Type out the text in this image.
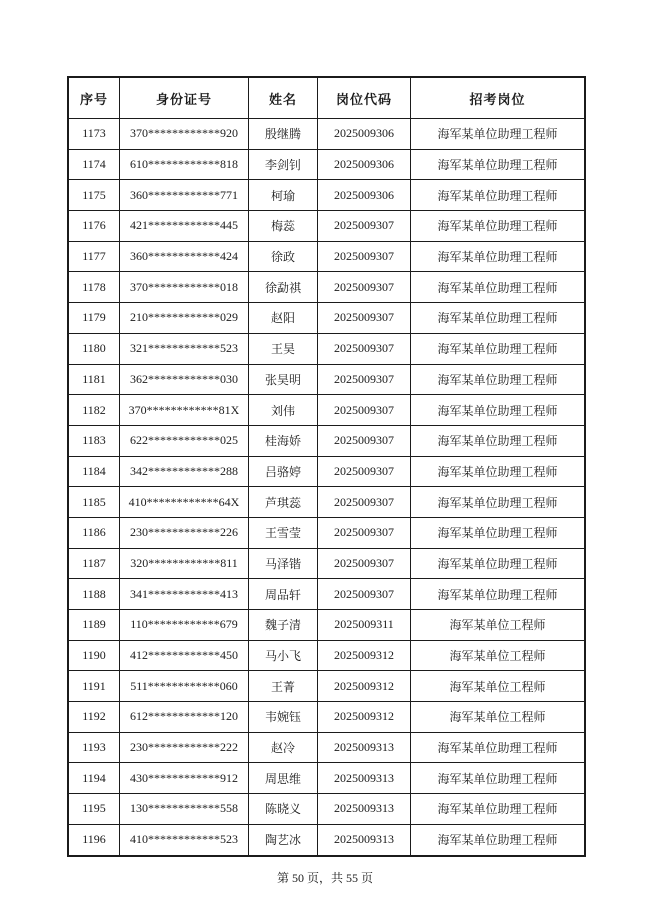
序号	身份证号	姓名	岗位代码	招考岗位
1173	370************920	殷继腾	2025009306	海军某单位助理工程师
1174	610************818	李剑钊	2025009306	海军某单位助理工程师
1175	360************771	柯瑜	2025009306	海军某单位助理工程师
1176	421************445	梅蕊	2025009307	海军某单位助理工程师
1177	360************424	徐政	2025009307	海军某单位助理工程师
1178	370************018	徐勐祺	2025009307	海军某单位助理工程师
1179	210************029	赵阳	2025009307	海军某单位助理工程师
1180	321************523	王昊	2025009307	海军某单位助理工程师
1181	362************030	张昊明	2025009307	海军某单位助理工程师
1182	370************81X	刘伟	2025009307	海军某单位助理工程师
1183	622************025	桂海娇	2025009307	海军某单位助理工程师
1184	342************288	吕骆婷	2025009307	海军某单位助理工程师
1185	410************64X	芦琪蕊	2025009307	海军某单位助理工程师
1186	230************226	王雪莹	2025009307	海军某单位助理工程师
1187	320************811	马泽锴	2025009307	海军某单位助理工程师
1188	341************413	周品轩	2025009307	海军某单位助理工程师
1189	110************679	魏子清	2025009311	海军某单位工程师
1190	412************450	马小飞	2025009312	海军某单位工程师
1191	511************060	王菁	2025009312	海军某单位工程师
1192	612************120	韦婉钰	2025009312	海军某单位工程师
1193	230************222	赵冷	2025009313	海军某单位助理工程师
1194	430************912	周思维	2025009313	海军某单位助理工程师
1195	130************558	陈晓义	2025009313	海军某单位助理工程师
1196	410************523	陶艺冰	2025009313	海军某单位助理工程师
第 50 页，共 55 页
